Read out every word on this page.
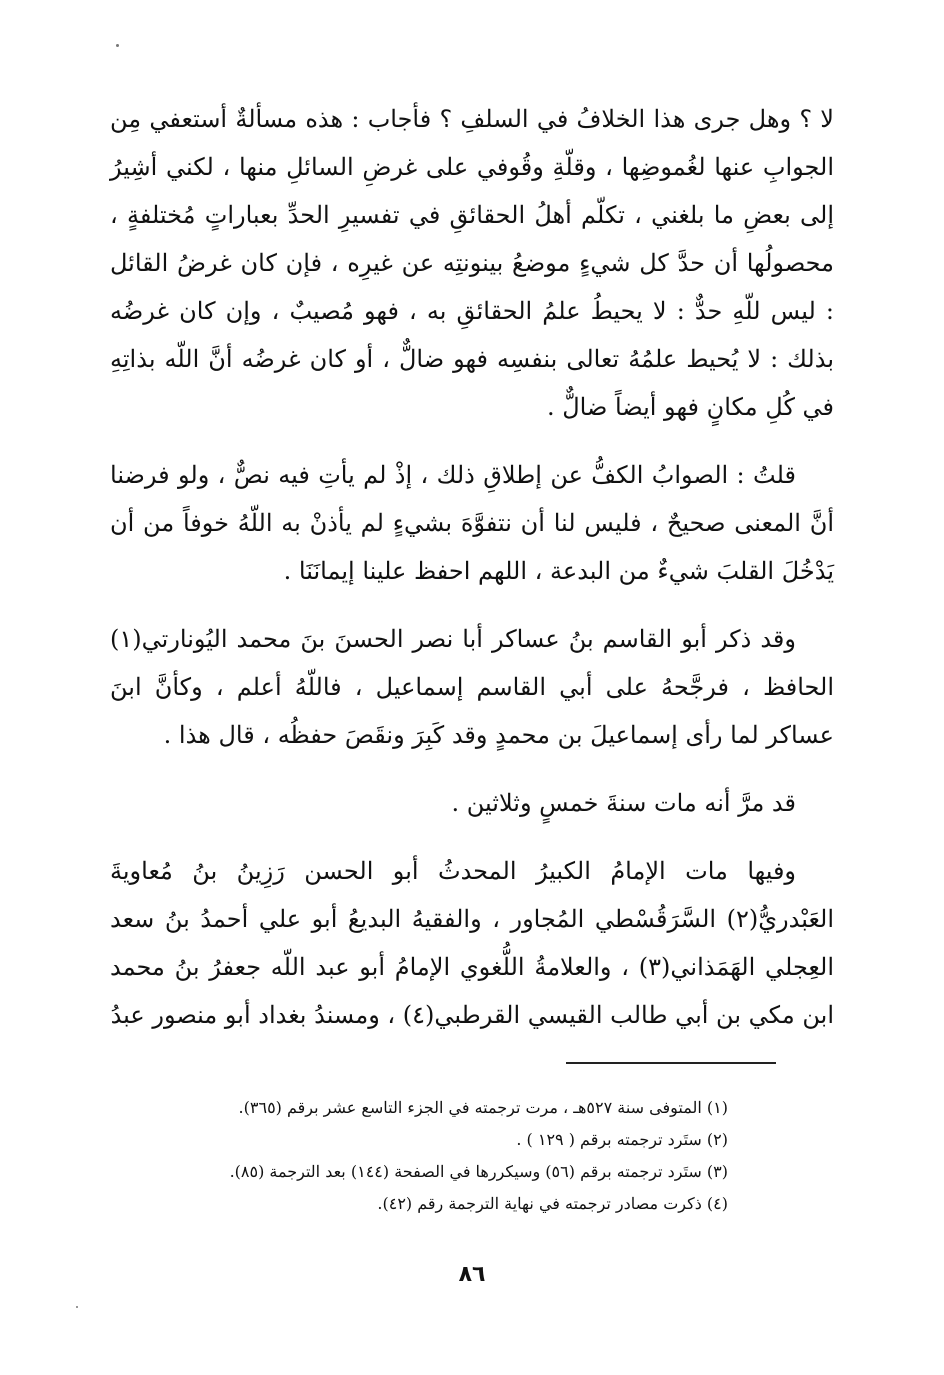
لا ؟ وهل جرى هذا الخلافُ في السلفِ ؟ فأجاب : هذه مسألةٌ أستعفي مِن الجوابِ عنها لغُموضِها ، وقلّةِ وقُوفي على غرضِ السائلِ منها ، لكني أشِيرُ إلى بعضِ ما بلغني ، تكلّم أهلُ الحقائقِ في تفسيرِ الحدِّ بعباراتٍ مُختلفةٍ ، محصولُها أن حدَّ كل شيءٍ موضعُ بينونتِه عن غيرِه ، فإن كان غرضُ القائل : ليس للّهِ حدٌّ : لا يحيطُ علمُ الحقائقِ به ، فهو مُصيبٌ ، وإن كان غرضُه بذلك : لا يُحيط علمُهُ تعالى بنفسِه فهو ضالٌّ ، أو كان غرضُه أنَّ اللّه بذاتِهِ في كُلِ مكانٍ فهو أيضاً ضالٌّ .

قلتُ : الصوابُ الكفُّ عن إطلاقِ ذلك ، إذْ لم يأتِ فيه نصٌّ ، ولو فرضنا أنَّ المعنى صحيحٌ ، فليس لنا أن نتفوَّهَ بشيءٍ لم يأذنْ به اللّهُ خوفاً من أن يَدْخُلَ القلبَ شيءٌ من البدعة ، اللهم احفظ علينا إيمانَنَا .

وقد ذكر أبو القاسم بنُ عساكر أبا نصر الحسنَ بنَ محمد اليُونارتي(١) الحافظ ، فرجَّحهُ على أبي القاسم إسماعيل ، فاللّهُ أعلم ، وكأنَّ ابنَ عساكر لما رأى إسماعيلَ بن محمدٍ وقد كَبِرَ ونقَصَ حفظُه ، قال هذا .

قد مرَّ أنه مات سنةَ خمسٍ وثلاثين .

وفيها مات الإمامُ الكبيرُ المحدثُ أبو الحسن رَزِينُ بنُ مُعاويةَ العَبْدريُّ(٢) السَّرَقُسْطي المُجاور ، والفقيهُ البديعُ أبو علي أحمدُ بنُ سعد العِجلي الهَمَذاني(٣) ، والعلامةُ اللُّغوي الإمامُ أبو عبد اللّه جعفرُ بنُ محمد ابن مكي بن أبي طالب القيسي القرطبي(٤) ، ومسندُ بغداد أبو منصور عبدُ

(١) المتوفى سنة ٥٢٧هـ ، مرت ترجمته في الجزء التاسع عشر برقم (٣٦٥).

(٢) ستَرد ترجمته برقم ( ١٢٩ ) .

(٣) ستَرد ترجمته برقم (٥٦) وسيكررها في الصفحة (١٤٤) بعد الترجمة (٨٥).

(٤) ذكرت مصادر ترجمته في نهاية الترجمة رقم (٤٢).

٨٦
